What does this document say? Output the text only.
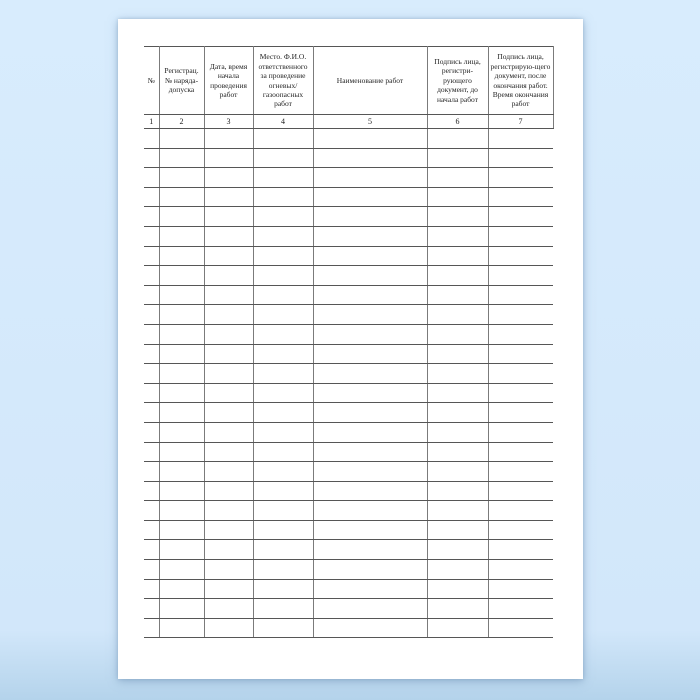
№	Регистрац. № наряда-допуска	Дата, время начала проведения работ	Место. Ф.И.О. ответственного за проведение огневых/​газоопасных работ	Наименование работ	Подпись лица, регистри-рующего документ, до начала работ	Подпись лица, регистрирую-щего документ, после окончания работ. Время окончания работ
1	2	3	4	5	6	7
